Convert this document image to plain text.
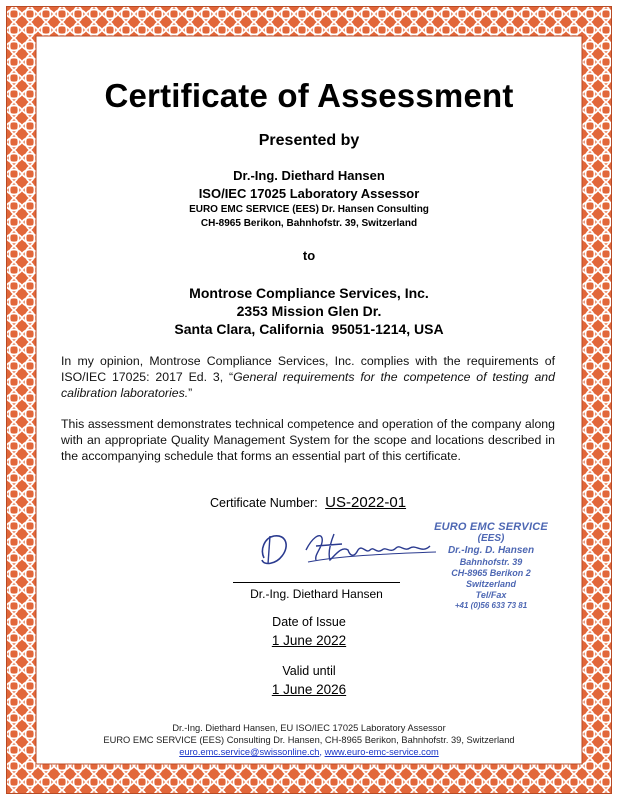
Certificate of Assessment
Presented by
Dr.-Ing. Diethard Hansen
ISO/IEC 17025 Laboratory Assessor
EURO EMC SERVICE (EES) Dr. Hansen Consulting
CH-8965 Berikon, Bahnhofstr. 39, Switzerland
to
Montrose Compliance Services, Inc.
2353 Mission Glen Dr.
Santa Clara, California  95051-1214, USA
In my opinion, Montrose Compliance Services, Inc. complies with the requirements of ISO/IEC 17025: 2017 Ed. 3, “General requirements for the competence of testing and calibration laboratories.”
This assessment demonstrates technical competence and operation of the company along with an appropriate Quality Management System for the scope and locations described in the accompanying schedule that forms an essential part of this certificate.
Certificate Number: US-2022-01
Dr.-Ing. Diethard Hansen
EURO EMC SERVICE
(EES)
Dr.-Ing. D. Hansen
Bahnhofstr. 39
CH-8965 Berikon 2
Switzerland
Tel/Fax
+41 (0)56 633 73 81
Date of Issue
1 June 2022
Valid until
1 June 2026
Dr.-Ing. Diethard Hansen, EU ISO/IEC 17025 Laboratory Assessor
EURO EMC SERVICE (EES) Consulting Dr. Hansen, CH-8965 Berikon, Bahnhofstr. 39, Switzerland
euro.emc.service@swissonline.ch, www.euro-emc-service.com
